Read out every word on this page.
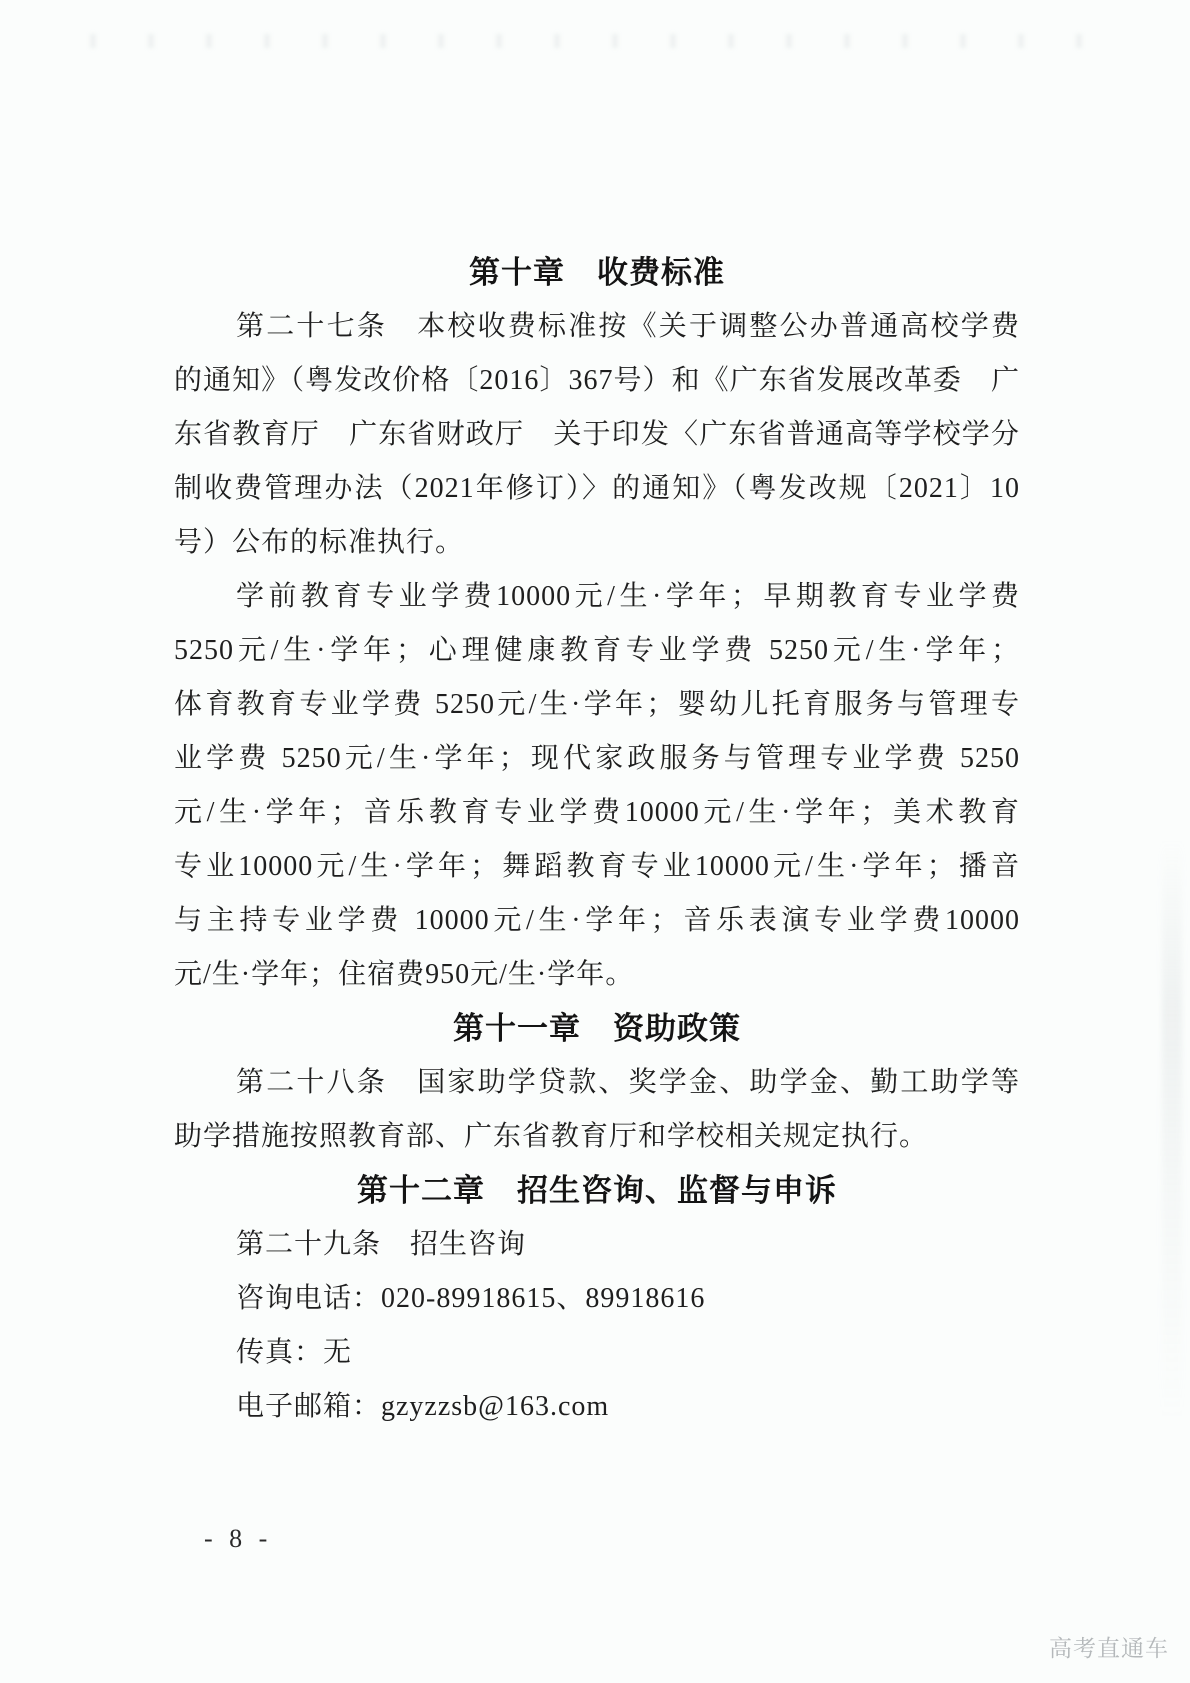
第十章　收费标准
第二十七条　本校收费标准按《关于调整公办普通高校学费
的通知》（粤发改价格〔2016〕367号）和《广东省发展改革委　广
东省教育厅　广东省财政厅　关于印发〈广东省普通高等学校学分
制收费管理办法（2021年修订）〉的通知》（粤发改规〔2021〕10
号）公布的标准执行。
学前教育专业学费10000元/生·学年；早期教育专业学费
5250元/生·学年；心理健康教育专业学费 5250元/生·学年；
体育教育专业学费 5250元/生·学年；婴幼儿托育服务与管理专
业学费 5250元/生·学年；现代家政服务与管理专业学费 5250
元/生·学年；音乐教育专业学费10000元/生·学年；美术教育
专业10000元/生·学年；舞蹈教育专业10000元/生·学年；播音
与主持专业学费 10000元/生·学年；音乐表演专业学费10000
元/生·学年；住宿费950元/生·学年。
第十一章　资助政策
第二十八条　国家助学贷款、奖学金、助学金、勤工助学等
助学措施按照教育部、广东省教育厅和学校相关规定执行。
第十二章　招生咨询、监督与申诉
第二十九条　招生咨询
咨询电话：020-89918615、89918616
传真：无
电子邮箱：gzyzzsb@163.com
- 8 -
高考直通车
